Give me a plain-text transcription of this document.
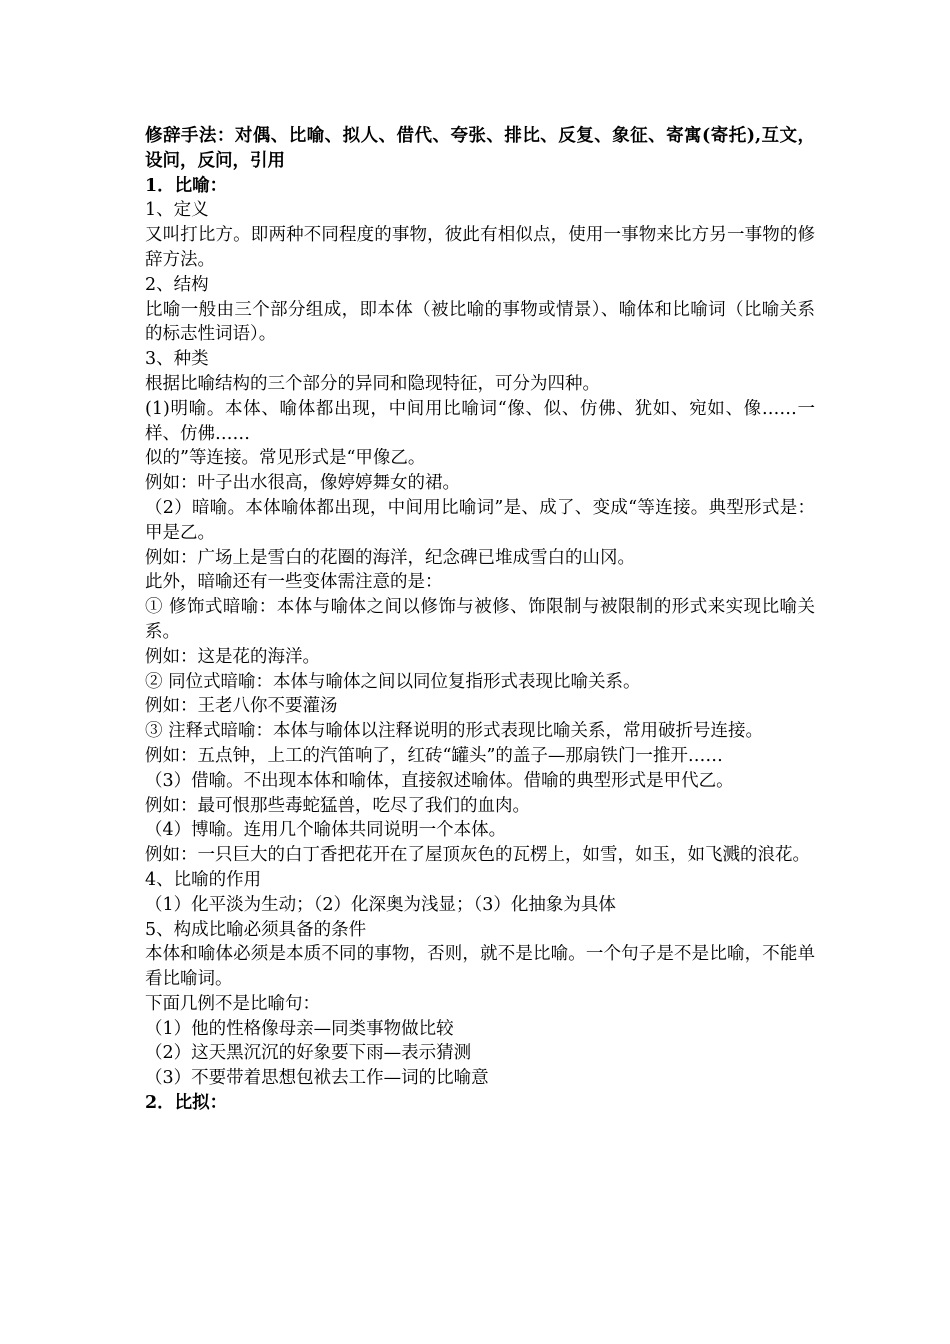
修辞手法：对偶、比喻、拟人、借代、夸张、排比、反复、象征、寄寓(寄托),互文，设问，反问，引用

1．比喻：

1、定义

又叫打比方。即两种不同程度的事物，彼此有相似点，使用一事物来比方另一事物的修辞方法。

2、结构

比喻一般由三个部分组成，即本体（被比喻的事物或情景）、喻体和比喻词（比喻关系的标志性词语）。

3、种类

根据比喻结构的三个部分的异同和隐现特征，可分为四种。

(1)明喻。本体、喻体都出现，中间用比喻词“像、似、仿佛、犹如、宛如、像……一样、仿佛……

似的”等连接。常见形式是“甲像乙。

例如：叶子出水很高，像婷婷舞女的裙。

（2）暗喻。本体喻体都出现，中间用比喻词”是、成了、变成“等连接。典型形式是：甲是乙。

例如：广场上是雪白的花圈的海洋，纪念碑已堆成雪白的山冈。

此外，暗喻还有一些变体需注意的是：

① 修饰式暗喻：本体与喻体之间以修饰与被修、饰限制与被限制的形式来实现比喻关系。

例如：这是花的海洋。

② 同位式暗喻：本体与喻体之间以同位复指形式表现比喻关系。

例如：王老八你不要灌汤

③ 注释式暗喻：本体与喻体以注释说明的形式表现比喻关系，常用破折号连接。

例如：五点钟，上工的汽笛响了，红砖“罐头”的盖子—那扇铁门一推开……

（3）借喻。不出现本体和喻体，直接叙述喻体。借喻的典型形式是甲代乙。

例如：最可恨那些毒蛇猛兽，吃尽了我们的血肉。

（4）博喻。连用几个喻体共同说明一个本体。

例如：一只巨大的白丁香把花开在了屋顶灰色的瓦楞上，如雪，如玉，如飞溅的浪花。

4、比喻的作用

（1）化平淡为生动；（2）化深奥为浅显；（3）化抽象为具体

5、构成比喻必须具备的条件

本体和喻体必须是本质不同的事物，否则，就不是比喻。一个句子是不是比喻，不能单看比喻词。

下面几例不是比喻句：

（1）他的性格像母亲—同类事物做比较

（2）这天黑沉沉的好象要下雨—表示猜测

（3）不要带着思想包袱去工作—词的比喻意

2．比拟：
